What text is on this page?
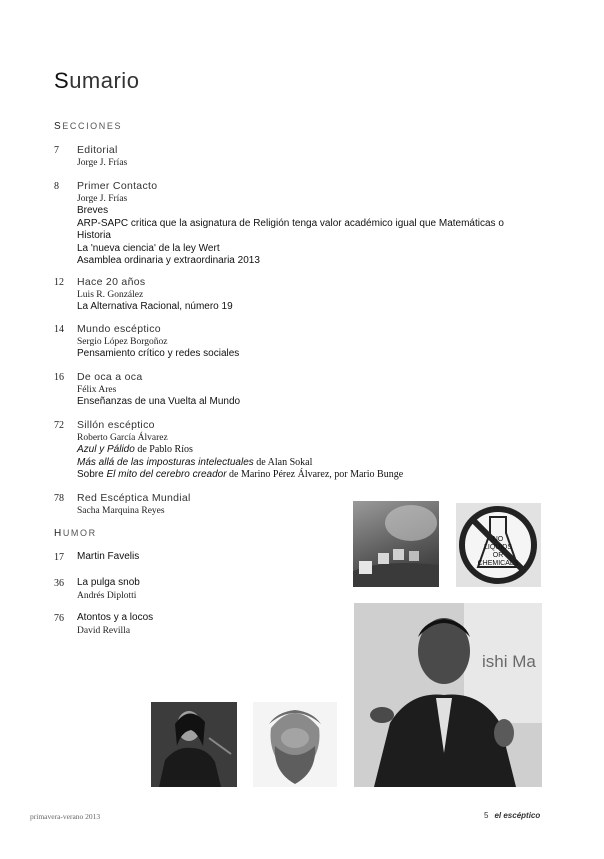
Sumario
SECCIONES
7 Editorial
Jorge J. Frías
8 Primer Contacto
Jorge J. Frías
Breves
ARP-SAPC critica que la asignatura de Religión tenga valor académico igual que Matemáticas o
Historia
La 'nueva ciencia' de la ley Wert
Asamblea ordinaria y extraordinaria 2013
12 Hace 20 años
Luis R. González
La Alternativa Racional, número 19
14 Mundo escéptico
Sergio López Borgoñoz
Pensamiento crítico y redes sociales
16 De oca a oca
Félix Ares
Enseñanzas de una Vuelta al Mundo
72 Sillón escéptico
Roberto García Álvarez
Azul y Pálido de Pablo Ríos
Más allá de las imposturas intelectuales de Alan Sokal
Sobre El mito del cerebro creador de Marino Pérez Álvarez, por Mario Bunge
78 Red Escéptica Mundial
Sacha Marquina Reyes
HUMOR
17 Martin Favelis
36 La pulga snob
Andrés Diplotti
76 Atontos y a locos
David Revilla
NO
LIQUIDS
OR
CHEMICALS
ishi Ma
primavera-verano 2013	5 el escéptico
